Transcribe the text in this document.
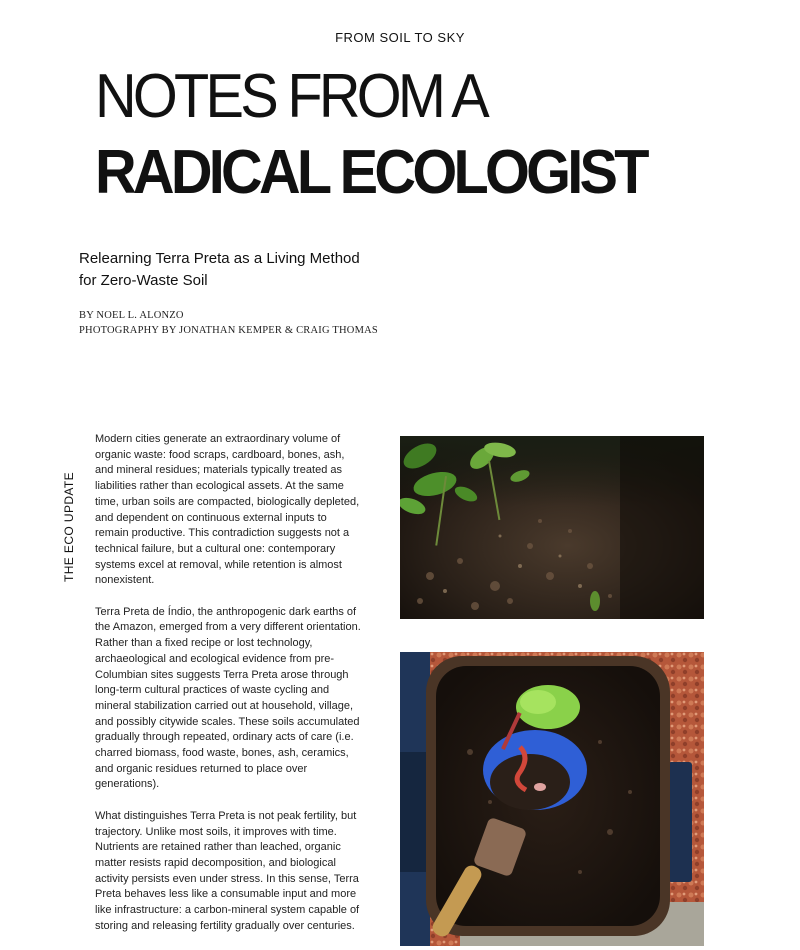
FROM SOIL TO SKY
NOTES FROM A
RADICAL ECOLOGIST
Relearning Terra Preta as a Living Method
for Zero-Waste Soil
BY NOEL L. ALONZO
PHOTOGRAPHY BY JONATHAN KEMPER & CRAIG THOMAS
THE ECO UPDATE

Modern cities generate an extraordinary volume of organic waste: food scraps, cardboard, bones, ash, and mineral residues; materials typically treated as liabilities rather than ecological assets. At the same time, urban soils are compacted, biologically depleted, and dependent on continuous external inputs to remain productive. This contradiction suggests not a technical failure, but a cultural one: contemporary systems excel at removal, while retention is almost nonexistent.

Terra Preta de Índio, the anthropogenic dark earths of the Amazon, emerged from a very different orientation. Rather than a fixed recipe or lost technology, archaeological and ecological evidence from pre-Columbian sites suggests Terra Preta arose through long-term cultural practices of waste cycling and mineral stabilization carried out at household, village, and possibly citywide scales. These soils accumulated gradually through repeated, ordinary acts of care (i.e. charred biomass, food waste, bones, ash, ceramics, and organic residues returned to place over generations).

What distinguishes Terra Preta is not peak fertility, but trajectory. Unlike most soils, it improves with time. Nutrients are retained rather than leached, organic matter resists rapid decomposition, and biological activity persists even under stress. In this sense, Terra Preta behaves less like a consumable input and more like infrastructure: a carbon-mineral system capable of storing and releasing fertility gradually over centuries.
